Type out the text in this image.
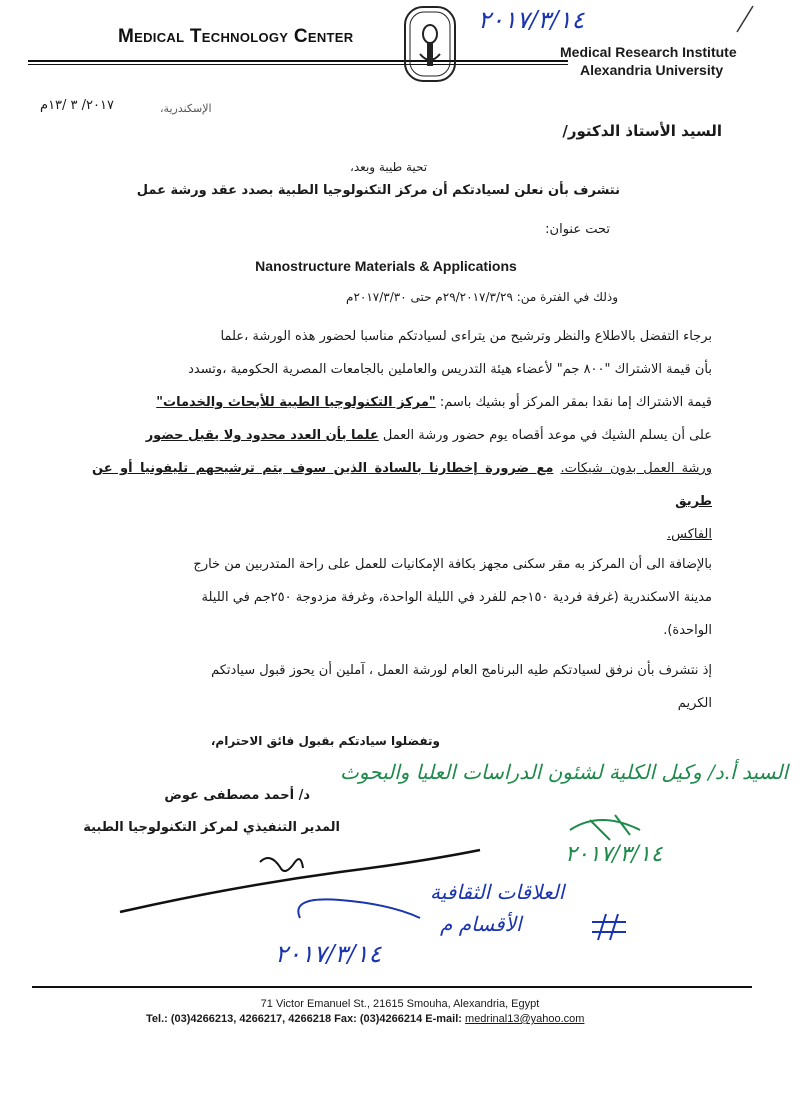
Medical Technology Center
Medical Research Institute
Alexandria University
٢٠١٧/٣/١٤
الإسكندرية،
٢٠١٧/ ٣ /١٣م
السيد الأستاذ الدكتور/
تحية طيبة وبعد،
نتشرف بأن نعلن لسيادتكم أن مركز التكنولوجيا الطبية بصدد عقد ورشة عمل
تحت عنوان:
Nanostructure Materials & Applications
وذلك في الفترة من: ٢٩/٢٠١٧/٣/٢٩م حتى ٢٠١٧/٣/٣٠م
برجاء التفضل بالاطلاع والنظر وترشيح من يتراءى لسيادتكم مناسبا لحضور هذه الورشة ،علما
بأن قيمة الاشتراك "٨٠٠ جم" لأعضاء هيئة التدريس والعاملين بالجامعات المصرية الحكومية ،وتسدد
قيمة الاشتراك إما نقدا بمقر المركز أو بشيك باسم: "مركز التكنولوجيا الطبية للأبحاث والخدمات"
على أن يسلم الشيك في موعد أقصاه يوم حضور ورشة العمل علما بأن العدد محدود ولا يقبل حضور
ورشة العمل بدون شيكات. مع ضرورة إخطارنا بالسادة الذين سوف يتم ترشيحهم تليفونيا أو عن طريق
الفاكس.
بالإضافة الى أن المركز به مقر سكنى مجهز بكافة الإمكانيات للعمل على راحة المتدربين من خارج
مدينة الاسكندرية (غرفة فردية ١٥٠جم للفرد في الليلة الواحدة، وغرفة مزدوجة ٢٥٠جم في الليلة
الواحدة).
إذ نتشرف بأن نرفق لسيادتكم طيه البرنامج العام لورشة العمل ، آملين أن يحوز قبول سيادتكم
الكريم
وتفضلوا سيادتكم بقبول فائق الاحترام،
السيد أ.د/ وكيل الكلية لشئون الدراسات العليا والبحوث
٢٠١٧/٣/١٤
د/ أحمد مصطفى عوض
المدير التنفيذي لمركز التكنولوجيا الطبية
العلاقات الثقافية
الأقسام م
٢٠١٧/٣/١٤
71 Victor Emanuel St., 21615 Smouha, Alexandria, Egypt
Tel.: (03)4266213, 4266217, 4266218 Fax: (03)4266214 E-mail: medrinal13@yahoo.com
